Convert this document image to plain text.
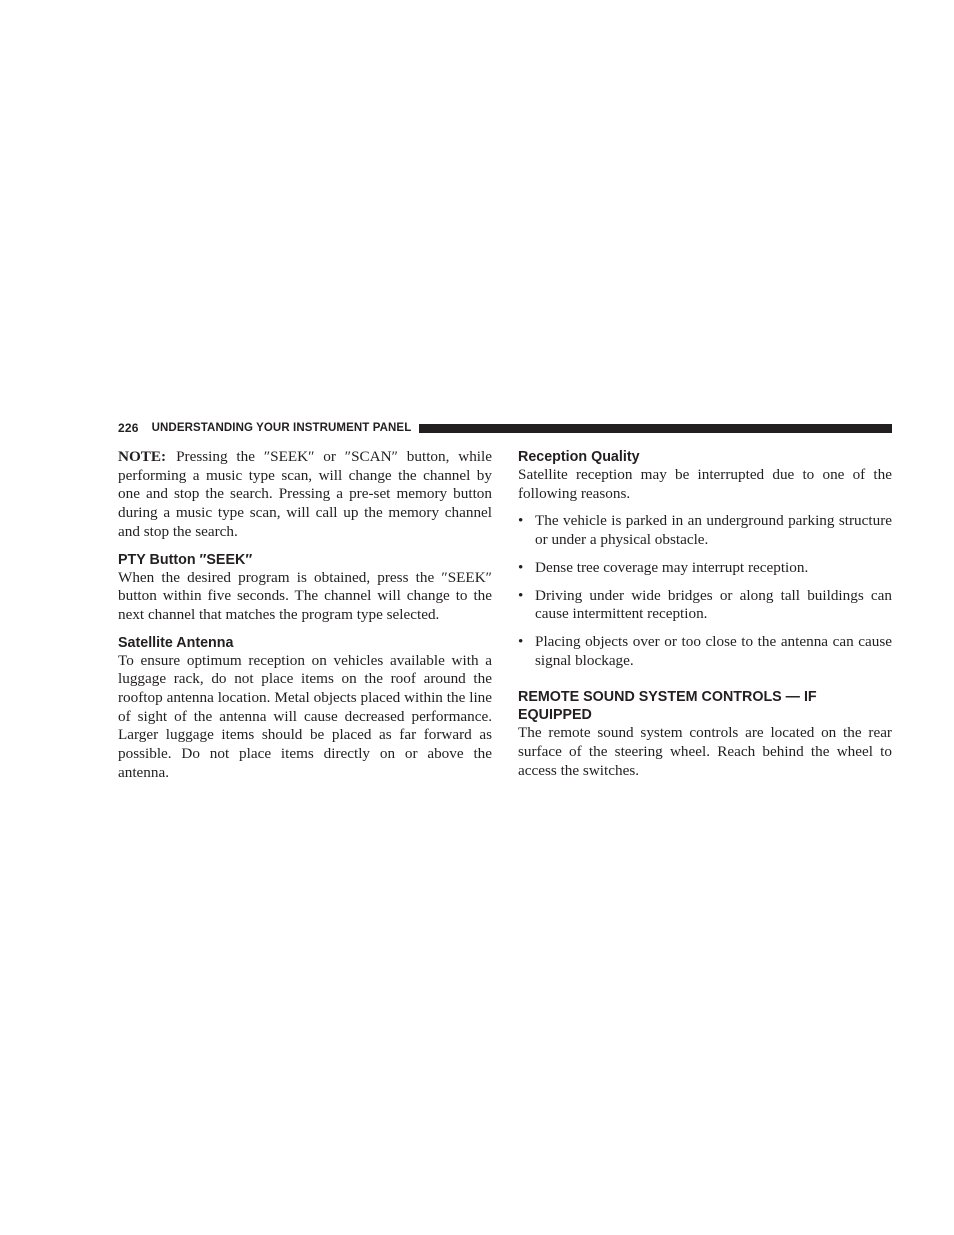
226 UNDERSTANDING YOUR INSTRUMENT PANEL

NOTE: Pressing the ″SEEK″ or ″SCAN″ button, while performing a music type scan, will change the channel by one and stop the search. Pressing a pre-set memory button during a music type scan, will call up the memory channel and stop the search.

PTY Button ″SEEK″

When the desired program is obtained, press the ″SEEK″ button within five seconds. The channel will change to the next channel that matches the program type selected.

Satellite Antenna

To ensure optimum reception on vehicles available with a luggage rack, do not place items on the roof around the rooftop antenna location. Metal objects placed within the line of sight of the antenna will cause decreased performance. Larger luggage items should be placed as far forward as possible. Do not place items directly on or above the antenna.

Reception Quality

Satellite reception may be interrupted due to one of the following reasons.

• The vehicle is parked in an underground parking structure or under a physical obstacle.
• Dense tree coverage may interrupt reception.
• Driving under wide bridges or along tall buildings can cause intermittent reception.
• Placing objects over or too close to the antenna can cause signal blockage.
REMOTE SOUND SYSTEM CONTROLS — IF EQUIPPED

The remote sound system controls are located on the rear surface of the steering wheel. Reach behind the wheel to access the switches.
